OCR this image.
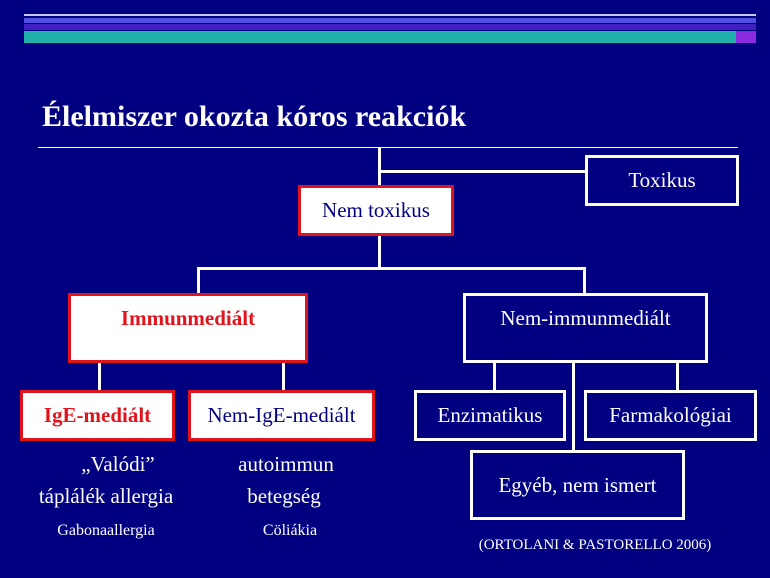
Élelmiszer okozta kóros reakciók
Toxikus
Nem toxikus
Immunmediált	Nem-immunmediált
IgE-mediált	Nem-IgE-mediált	Enzimatikus	Farmakológiai
Egyéb, nem ismert
„Valódi”
táplálék allergia
Gabonaallergia
autoimmun
betegség
Cöliákia
(ORTOLANI & PASTORELLO 2006)
